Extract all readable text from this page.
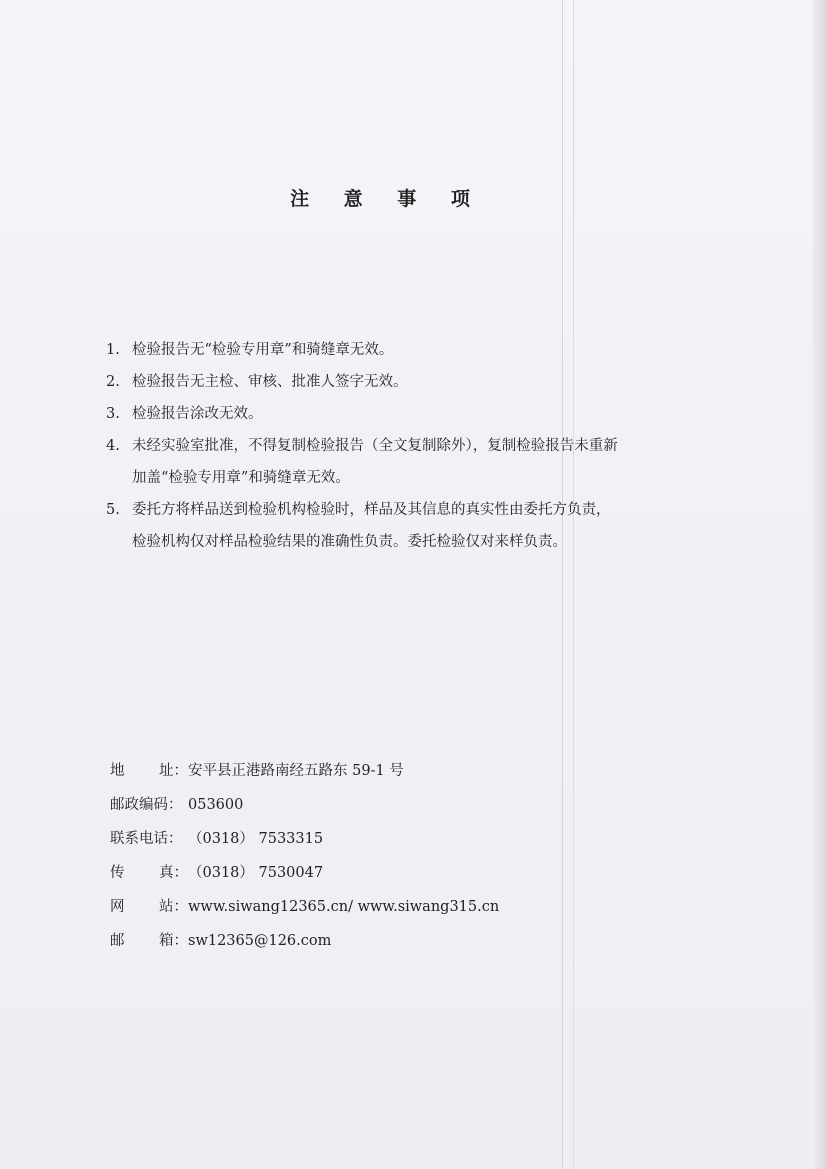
注 意 事 项
1. 检验报告无“检验专用章”和骑缝章无效。
2. 检验报告无主检、审核、批准人签字无效。
3. 检验报告涂改无效。
4. 未经实验室批准，不得复制检验报告（全文复制除外），复制检验报告未重新
加盖“检验专用章”和骑缝章无效。
5. 委托方将样品送到检验机构检验时，样品及其信息的真实性由委托方负责，
检验机构仅对样品检验结果的准确性负责。委托检验仅对来样负责。
地 址： 安平县正港路南经五路东 59-1 号
邮政编码： 053600
联系电话： （0318） 7533315
传 真： （0318） 7530047
网 站： www.siwang12365.cn/ www.siwang315.cn
邮 箱： sw12365@126.com
